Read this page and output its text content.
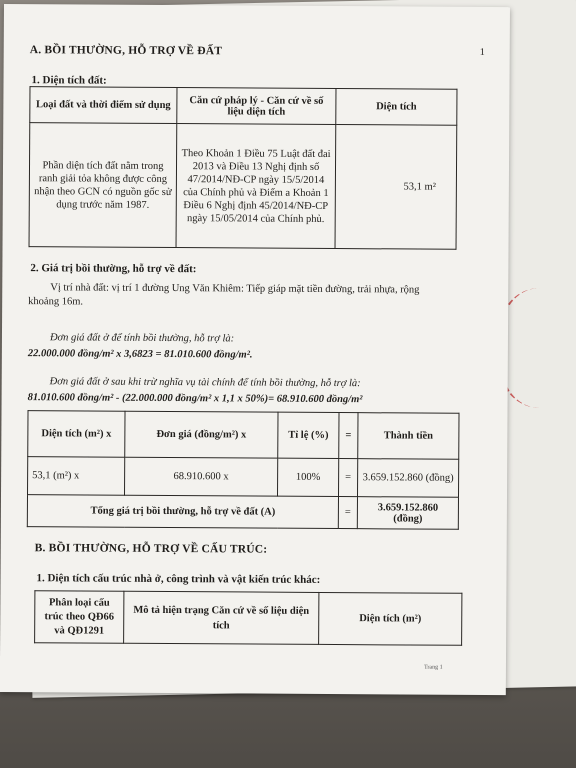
A. BỒI THƯỜNG, HỖ TRỢ VỀ ĐẤT	1
1. Diện tích đất:
Loại đất và thời điểm sử dụng	Căn cứ pháp lý - Căn cứ về số liệu diện tích	Diện tích
Phần diện tích đất nằm trong ranh giải tỏa không được công nhận theo GCN có nguồn gốc sử dụng trước năm 1987.	Theo Khoản 1 Điều 75 Luật đất đai 2013 và Điều 13 Nghị định số 47/2014/NĐ-CP ngày 15/5/2014 của Chính phủ và Điểm a Khoản 1 Điều 6 Nghị định 45/2014/NĐ-CP ngày 15/05/2014 của Chính phủ.	53,1 m²
2. Giá trị bồi thường, hỗ trợ về đất:
Vị trí nhà đất: vị trí 1 đường Ung Văn Khiêm: Tiếp giáp mặt tiền đường, trải nhựa, rộng khoảng 16m.
Đơn giá đất ở để tính bồi thường, hỗ trợ là:
22.000.000 đồng/m² x 3,6823 = 81.010.600 đồng/m².
Đơn giá đất ở sau khi trừ nghĩa vụ tài chính để tính bồi thường, hỗ trợ là:
81.010.600 đồng/m² - (22.000.000 đồng/m² x 1,1 x 50%)= 68.910.600 đồng/m²
Diện tích (m²) x	Đơn giá (đồng/m²) x	Tỉ lệ (%)	=	Thành tiền
53,1 (m²) x	68.910.600 x	100%	=	3.659.152.860 (đồng)
Tổng giá trị bồi thường, hỗ trợ về đất (A)			=	3.659.152.860 (đồng)
B. BỒI THƯỜNG, HỖ TRỢ VỀ CẤU TRÚC:
1. Diện tích cấu trúc nhà ở, công trình và vật kiến trúc khác:
Phân loại cấu trúc theo QĐ66 và QĐ1291	Mô tả hiện trạng Căn cứ về số liệu diện tích	Diện tích (m²)
Trang 1
